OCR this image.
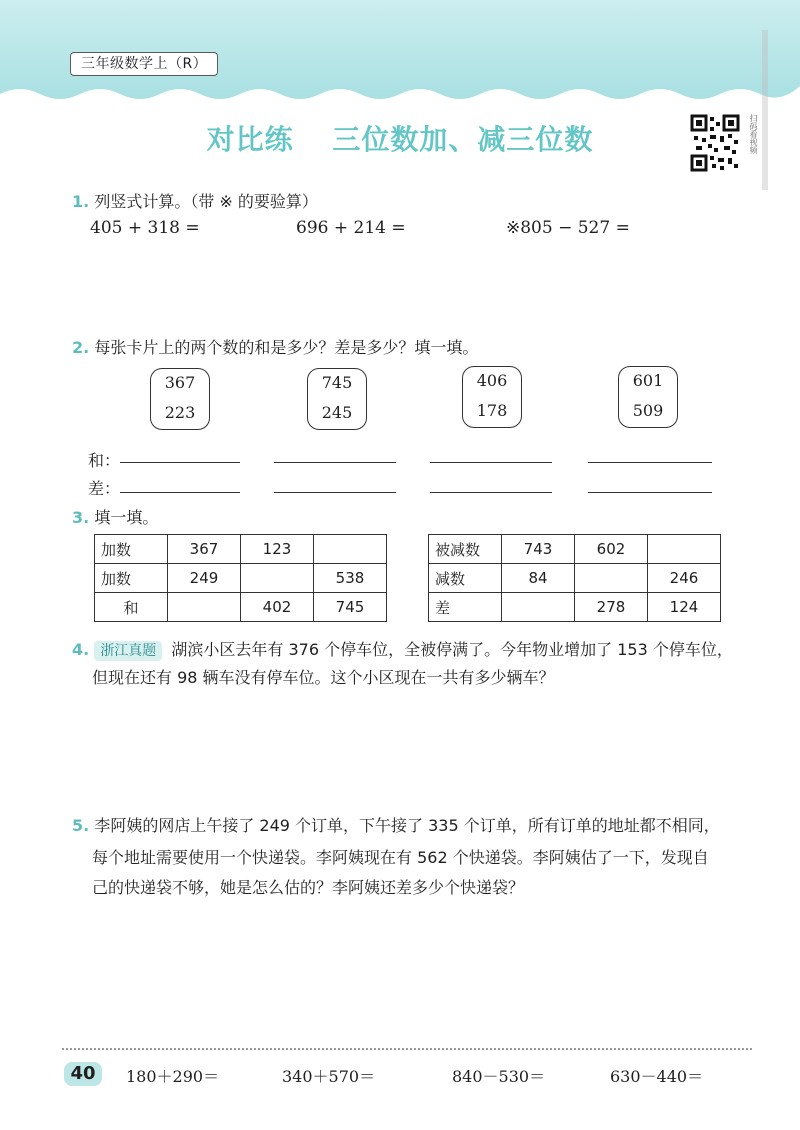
三年级数学上（R）
对比练 三位数加、减三位数	扫码看视频
1. 列竖式计算。（带 ※ 的要验算）
405 + 318 =	696 + 214 =	※805 − 527 =
2. 每张卡片上的两个数的和是多少？差是多少？填一填。
367
223
745
245
406
178
601
509
和：
差：
3. 填一填。
加数	367	123	
加数	249		538
和		402	745
被减数	743	602	
减数	84		246
差		278	124
4. 浙江真题 湖滨小区去年有 376 个停车位，全被停满了。今年物业增加了 153 个停车位，
但现在还有 98 辆车没有停车位。这个小区现在一共有多少辆车？
5. 李阿姨的网店上午接了 249 个订单，下午接了 335 个订单，所有订单的地址都不相同，
每个地址需要使用一个快递袋。李阿姨现在有 562 个快递袋。李阿姨估了一下，发现自
己的快递袋不够，她是怎么估的？李阿姨还差多少个快递袋？
40	180＋290＝	340＋570＝	840－530＝	630－440＝
